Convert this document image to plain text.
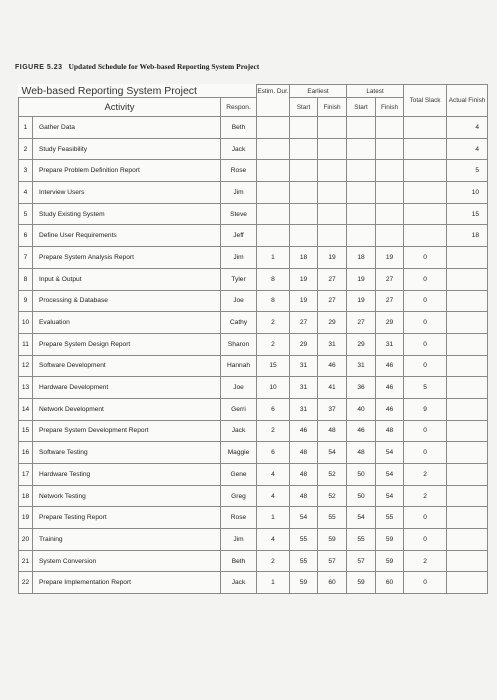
FIGURE 5.23 Updated Schedule for Web-based Reporting System Project
Web-based Reporting System Project			Estim. Dur.	Earliest		Latest		Total Slack	Actual Finish
Activity		Respon.		Start	Finish	Start	Finish		
1	Gather Data	Beth							4
2	Study Feasibility	Jack							4
3	Prepare Problem Definition Report	Rose							5
4	Interview Users	Jim							10
5	Study Existing System	Steve							15
6	Define User Requirements	Jeff							18
7	Prepare System Analysis Report	Jim	1	18	19	18	19	0	
8	Input & Output	Tyler	8	19	27	19	27	0	
9	Processing & Database	Joe	8	19	27	19	27	0	
10	Evaluation	Cathy	2	27	29	27	29	0	
11	Prepare System Design Report	Sharon	2	29	31	29	31	0	
12	Software Development	Hannah	15	31	46	31	46	0	
13	Hardware Development	Joe	10	31	41	36	46	5	
14	Network Development	Gerri	6	31	37	40	46	9	
15	Prepare System Development Report	Jack	2	46	48	46	48	0	
16	Software Testing	Maggie	6	48	54	48	54	0	
17	Hardware Testing	Gene	4	48	52	50	54	2	
18	Network Testing	Greg	4	48	52	50	54	2	
19	Prepare Testing Report	Rose	1	54	55	54	55	0	
20	Training	Jim	4	55	59	55	59	0	
21	System Conversion	Beth	2	55	57	57	59	2	
22	Prepare Implementation Report	Jack	1	59	60	59	60	0	
